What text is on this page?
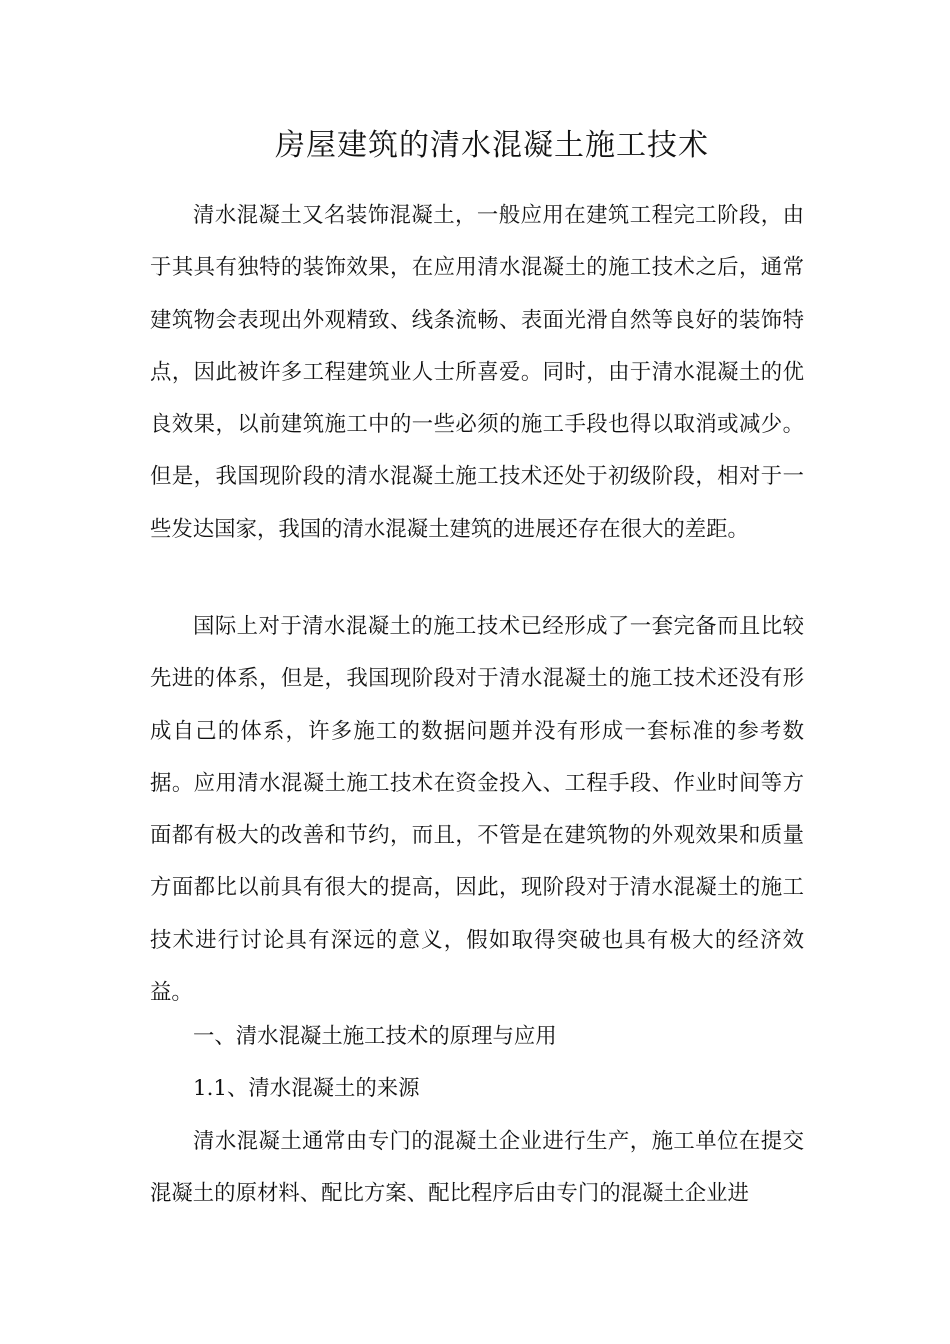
房屋建筑的清水混凝土施工技术

清水混凝土又名装饰混凝土，一般应用在建筑工程完工阶段，由于其具有独特的装饰效果，在应用清水混凝土的施工技术之后，通常建筑物会表现出外观精致、线条流畅、表面光滑自然等良好的装饰特点，因此被许多工程建筑业人士所喜爱。同时，由于清水混凝土的优良效果，以前建筑施工中的一些必须的施工手段也得以取消或减少。但是，我国现阶段的清水混凝土施工技术还处于初级阶段，相对于一些发达国家，我国的清水混凝土建筑的进展还存在很大的差距。

国际上对于清水混凝土的施工技术已经形成了一套完备而且比较先进的体系，但是，我国现阶段对于清水混凝土的施工技术还没有形成自己的体系，许多施工的数据问题并没有形成一套标准的参考数据。应用清水混凝土施工技术在资金投入、工程手段、作业时间等方面都有极大的改善和节约，而且，不管是在建筑物的外观效果和质量方面都比以前具有很大的提高，因此，现阶段对于清水混凝土的施工技术进行讨论具有深远的意义，假如取得突破也具有极大的经济效益。

一、清水混凝土施工技术的原理与应用

1.1、清水混凝土的来源

清水混凝土通常由专门的混凝土企业进行生产，施工单位在提交混凝土的原材料、配比方案、配比程序后由专门的混凝土企业进
